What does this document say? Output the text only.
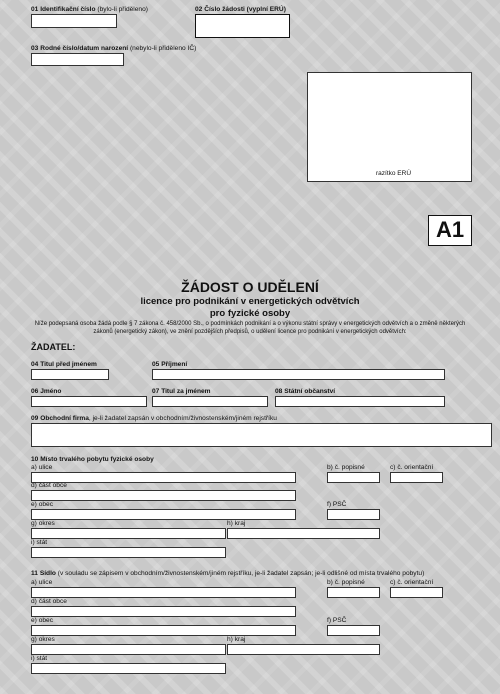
01 Identifikační číslo (bylo-li přiděleno)	02 Číslo žádosti (vyplní ERÚ)
03 Rodné číslo/datum narození (nebylo-li přiděleno IČ)
razítko ERÚ
A1
ŽÁDOST O UDĚLENÍ
licence pro podnikání v energetických odvětvích
pro fyzické osoby
Níže podepsaná osoba žádá podle § 7 zákona č. 458/2000 Sb., o podmínkách podnikání a o výkonu státní správy v energetických odvětvích a o změně některých zákonů (energetický zákon), ve znění pozdějších předpisů, o udělení licence pro podnikání v energetických odvětvích:
ŽADATEL:
04 Titul před jménem	05 Příjmení
06 Jméno	07 Titul za jménem	08 Státní občanství
09 Obchodní firma, je-li žadatel zapsán v obchodním/živnostenském/jiném rejstříku
10 Místo trvalého pobytu fyzické osoby
a) ulice	b) č. popisné	c) č. orientační
d) část obce
e) obec	f) PSČ
g) okres	h) kraj
i) stát
11 Sídlo (v souladu se zápisem v obchodním/živnostenském/jiném rejstříku, je-li žadatel zapsán; je-li odlišné od místa trvalého pobytu)
a) ulice	b) č. popisné	c) č. orientační
d) část obce
e) obec	f) PSČ
g) okres	h) kraj
i) stát
